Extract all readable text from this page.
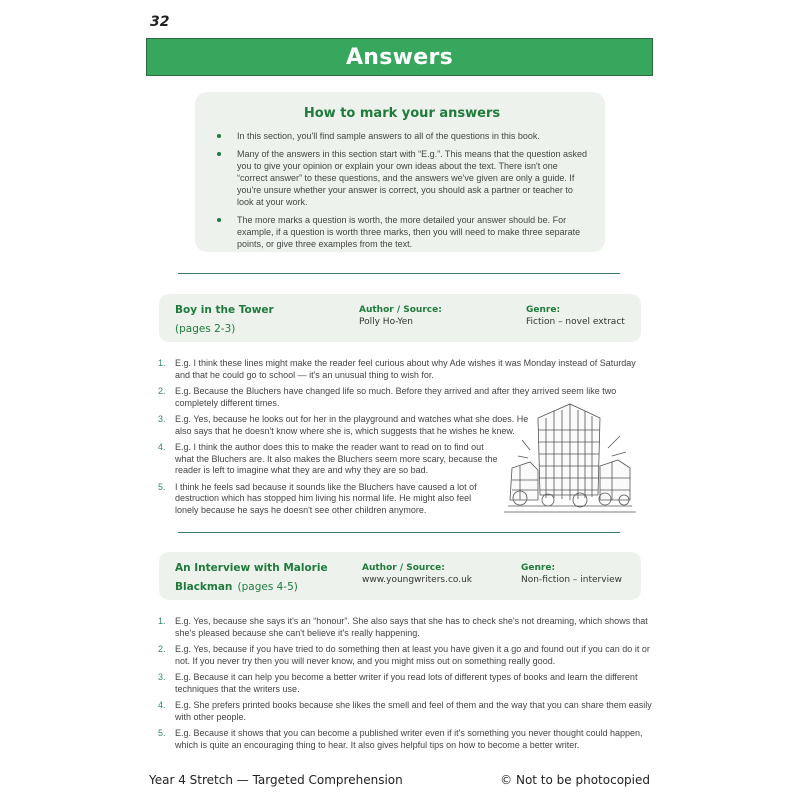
32
Answers
How to mark your answers
In this section, you'll find sample answers to all of the questions in this book.
Many of the answers in this section start with “E.g.”. This means that the question asked you to give your opinion or explain your own ideas about the text. There isn't one “correct answer” to these questions, and the answers we've given are only a guide. If you're unsure whether your answer is correct, you should ask a partner or teacher to look at your work.
The more marks a question is worth, the more detailed your answer should be. For example, if a question is worth three marks, then you will need to make three separate points, or give three examples from the text.
Boy in the Tower
(pages 2-3)
Author / Source:
Polly Ho-Yen
Genre:
Fiction – novel extract
1. E.g. I think these lines might make the reader feel curious about why Ade wishes it was Monday instead of Saturday and that he could go to school — it's an unusual thing to wish for.
2. E.g. Because the Bluchers have changed life so much. Before they arrived and after they arrived seem like two completely different times.
3. E.g. Yes, because he looks out for her in the playground and watches what she does. He also says that he doesn't know where she is, which suggests that he wishes he knew.
4. E.g. I think the author does this to make the reader want to read on to find out what the Bluchers are. It also makes the Bluchers seem more scary, because the reader is left to imagine what they are and why they are so bad.
5. I think he feels sad because it sounds like the Bluchers have caused a lot of destruction which has stopped him living his normal life. He might also feel lonely because he says he doesn't see other children anymore.
An Interview with Malorie
Blackman (pages 4-5)
Author / Source:
www.youngwriters.co.uk
Genre:
Non-fiction – interview
1. E.g. Yes, because she says it's an “honour”. She also says that she has to check she's not dreaming, which shows that she's pleased because she can't believe it's really happening.
2. E.g. Yes, because if you have tried to do something then at least you have given it a go and found out if you can do it or not. If you never try then you will never know, and you might miss out on something really good.
3. E.g. Because it can help you become a better writer if you read lots of different types of books and learn the different techniques that the writers use.
4. E.g. She prefers printed books because she likes the smell and feel of them and the way that you can share them easily with other people.
5. E.g. Because it shows that you can become a published writer even if it's something you never thought could happen, which is quite an encouraging thing to hear. It also gives helpful tips on how to become a better writer.
Year 4 Stretch — Targeted Comprehension	© Not to be photocopied
